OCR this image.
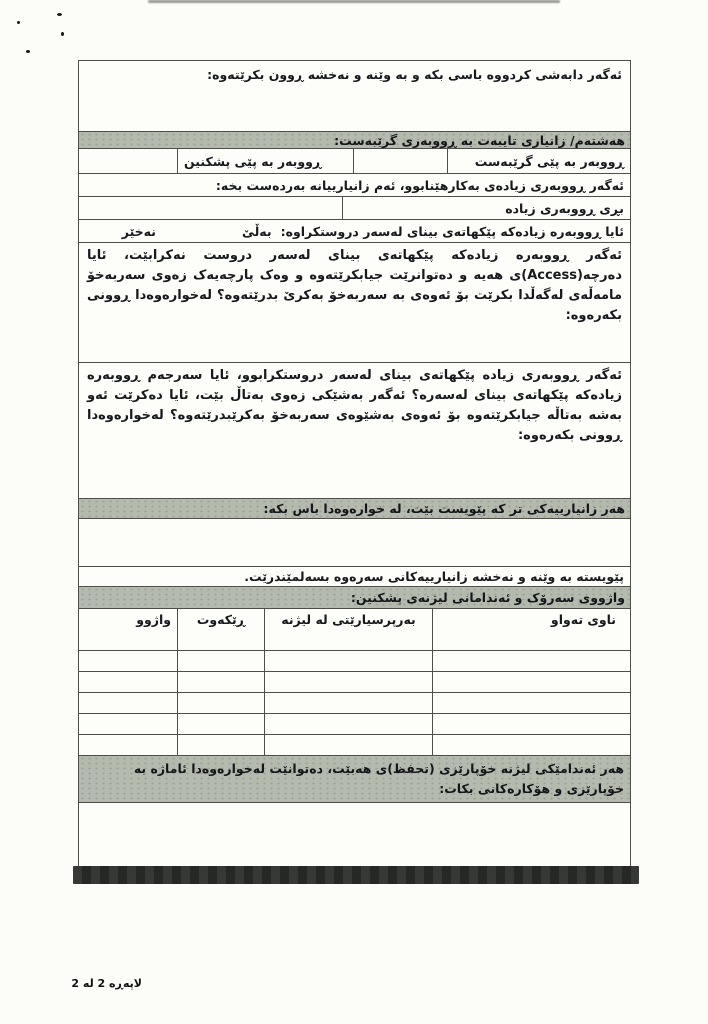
ئەگەر دابەشی کردووە باسی بکە و بە وێنە و نەخشە ڕوون بکرێتەوە:
هەشتەم/ زانیاری تایبەت بە ڕووبەری گرێبەست:
ڕووبەر بە پێی گرێبەست
ڕووبەر بە پێی پشکنین
ئەگەر ڕووبەری زیادەی بەکارهێنابوو، ئەم زانیارییانە بەردەست بخە:
بڕی ڕووبەری زیادە
ئایا ڕووبەرە زیادەکە پێکهاتەی بینای لەسەر دروستکراوە:
بەڵێ
نەخێر
ئەگەر ڕووبەرە زیادەکە پێکهاتەی بینای لەسەر دروست نەکرابێت، ئایا دەرچە(Access)ی هەیە و دەتوانرێت جیابکرێتەوە و وەک پارچەیەک زەوی سەربەخۆ مامەڵەی لەگەڵدا بکرێت بۆ ئەوەی بە سەربەخۆ بەکرێ بدرێتەوە؟ لەخوارەوەدا ڕوونی بکەرەوە:
ئەگەر ڕووبەری زیادە پێکهاتەی بینای لەسەر دروستکرابوو، ئایا سەرجەم ڕووبەرە زیادەکە پێکهاتەی بینای لەسەرە؟ ئەگەر بەشێکی زەوی بەتاڵ بێت، ئایا دەکرێت ئەو بەشە بەتاڵە جیابکرێتەوە بۆ ئەوەی بەشێوەی سەربەخۆ بەکرێبدرێتەوە؟ لەخوارەوەدا ڕوونی بکەرەوە:
هەر زانیارییەکی تر کە پێویست بێت، لە خوارەوەدا باس بکە:
پێویستە بە وێنە و نەخشە زانیارییەکانی سەرەوە بسەلمێندرێت.
واژووی سەرۆک و ئەندامانی لیژنەی پشکنین:
ناوی تەواو
بەرپرسیارێتی لە لیژنە
ڕێکەوت
واژوو
هەر ئەندامێکی لیژنە خۆپارێزی (تحفظ)ی هەبێت، دەتوانێت لەخوارەوەدا ئاماژە بە خۆپارێزی و هۆکارەکانی بکات:
لاپەڕە 2 لە 2
